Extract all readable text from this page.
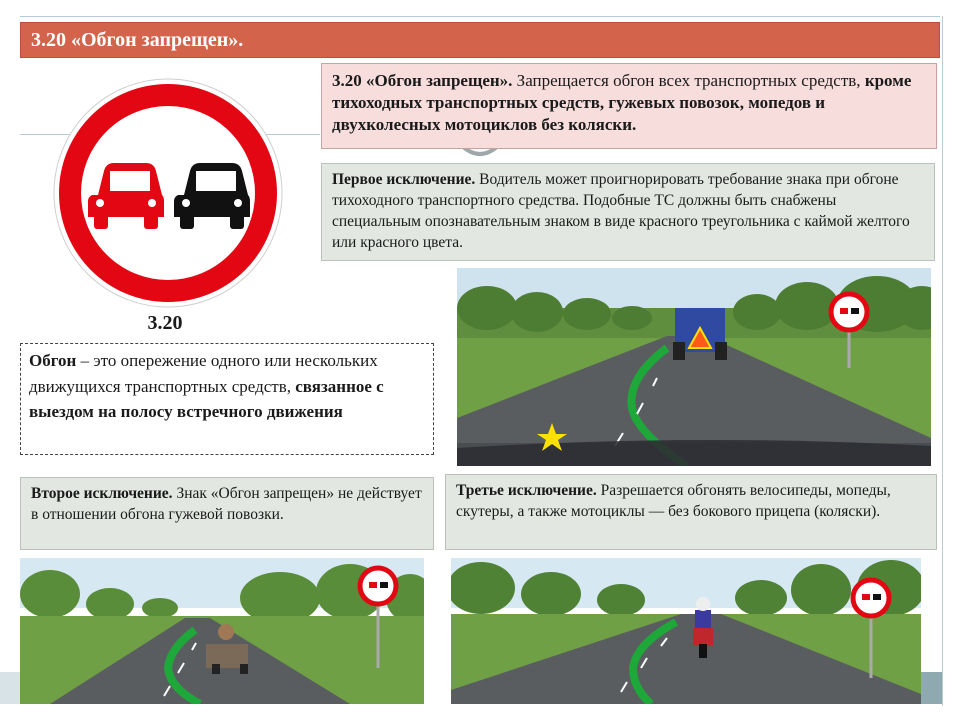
3.20 «Обгон запрещен».
3.20
3.20 «Обгон запрещен». Запрещается обгон всех транспортных средств, кроме тихоходных транспортных средств, гужевых повозок, мопедов и двухколесных мотоциклов без коляски.
Первое исключение. Водитель может проигнорировать требование знака при обгоне тихоходного транспортного средства. Подобные ТС должны быть снабжены специальным опознавательным знаком в виде красного треугольника с каймой желтого или красного цвета.
Обгон – это опережение одного или нескольких движущихся транспортных средств, связанное с выездом на полосу встречного движения
Второе исключение. Знак «Обгон запрещен» не действует в отношении обгона гужевой повозки.
Третье исключение. Разрешается обгонять велосипеды, мопеды, скутеры, а также мотоциклы — без бокового прицепа (коляски).
